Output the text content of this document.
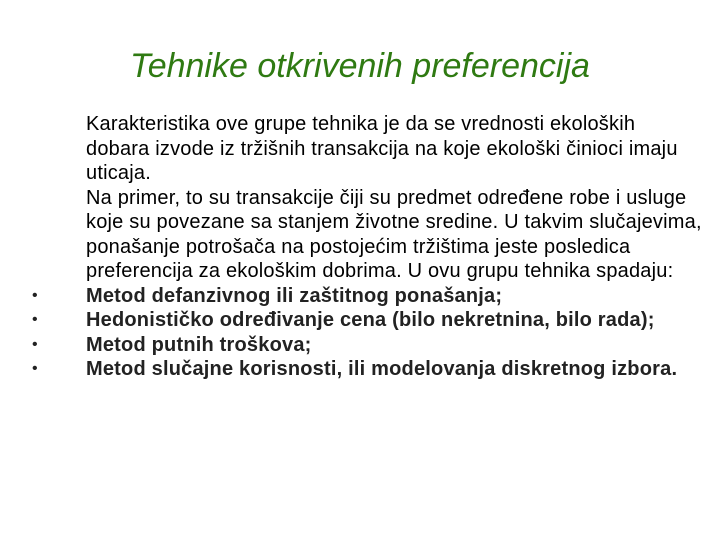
Tehnike otkrivenih preferencija

Karakteristika ove grupe tehnika je da se vrednosti ekoloških dobara izvode iz tržišnih transakcija na koje ekološki činioci imaju uticaja.

Na primer, to su transakcije čiji su predmet određene robe i usluge koje su povezane sa stanjem životne sredine. U takvim slučajevima, ponašanje potrošača na postojećim tržištima jeste posledica preferencija za ekološkim dobrima. U ovu grupu tehnika spadaju:

• Metod defanzivnog ili zaštitnog ponašanja;
• Hedonističko određivanje cena (bilo nekretnina, bilo rada);
• Metod putnih troškova;
• Metod slučajne korisnosti, ili modelovanja diskretnog izbora.
